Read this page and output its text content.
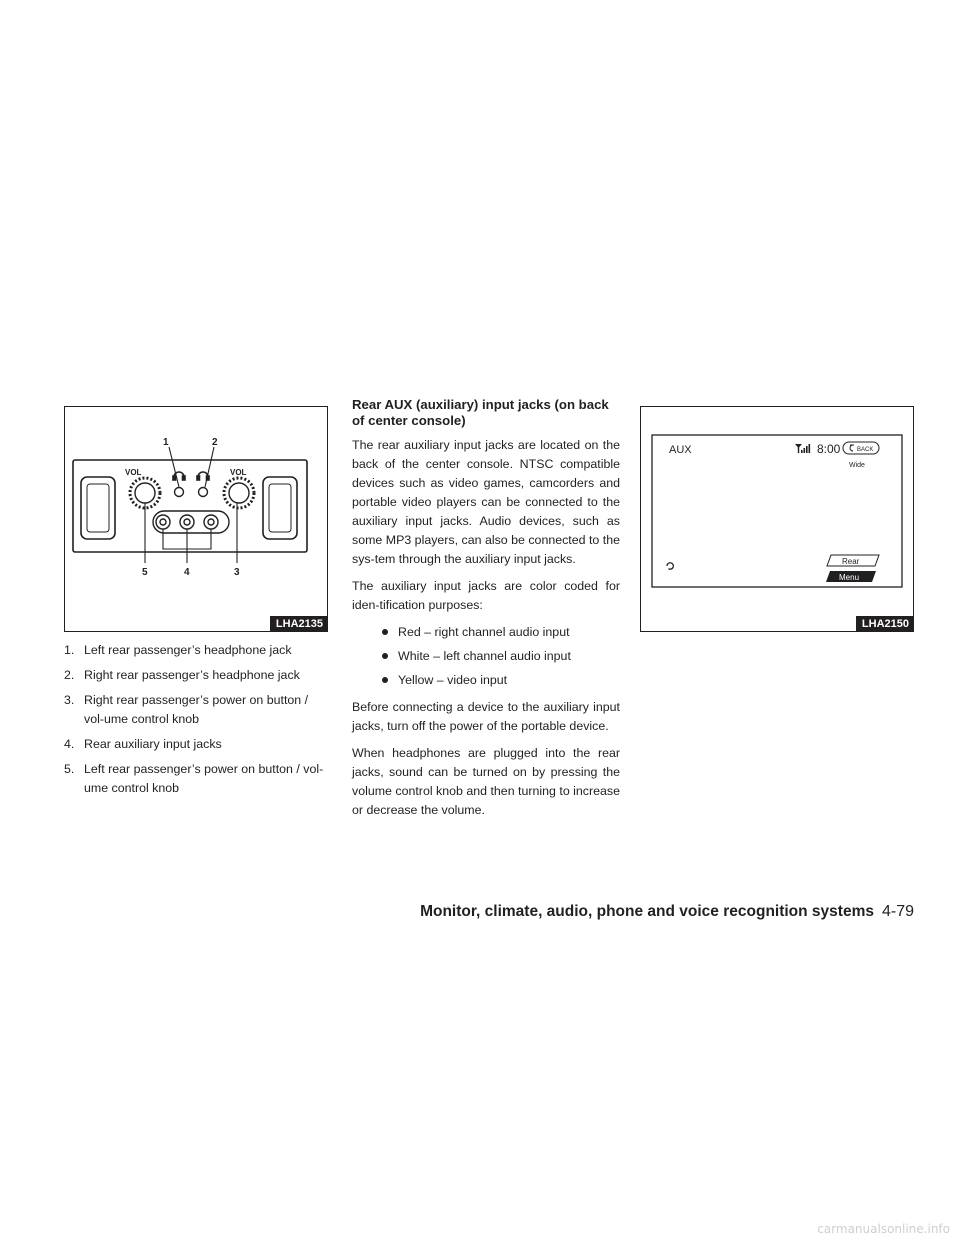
VOL	VOL
1	2
3
4
5
LHA2135
1. Left rear passenger’s headphone jack
2. Right rear passenger’s headphone jack
3. Right rear passenger’s power on button / vol-ume control knob
4. Rear auxiliary input jacks
5. Left rear passenger’s power on button / vol-ume control knob
Rear AUX (auxiliary) input jacks (on back of center console)

The rear auxiliary input jacks are located on the back of the center console. NTSC compatible devices such as video games, camcorders and portable video players can be connected to the auxiliary input jacks. Audio devices, such as some MP3 players, can also be connected to the sys-tem through the auxiliary input jacks.

The auxiliary input jacks are color coded for iden-tification purposes:

Red – right channel audio input
White – left channel audio input
Yellow – video input

Before connecting a device to the auxiliary input jacks, turn off the power of the portable device.

When headphones are plugged into the rear jacks, sound can be turned on by pressing the volume control knob and then turning to increase or decrease the volume.

AUX	8:00	BACK
Wide
Rear
Menu
LHA2150
Monitor, climate, audio, phone and voice recognition systems 4-79
carmanualsonline.info
